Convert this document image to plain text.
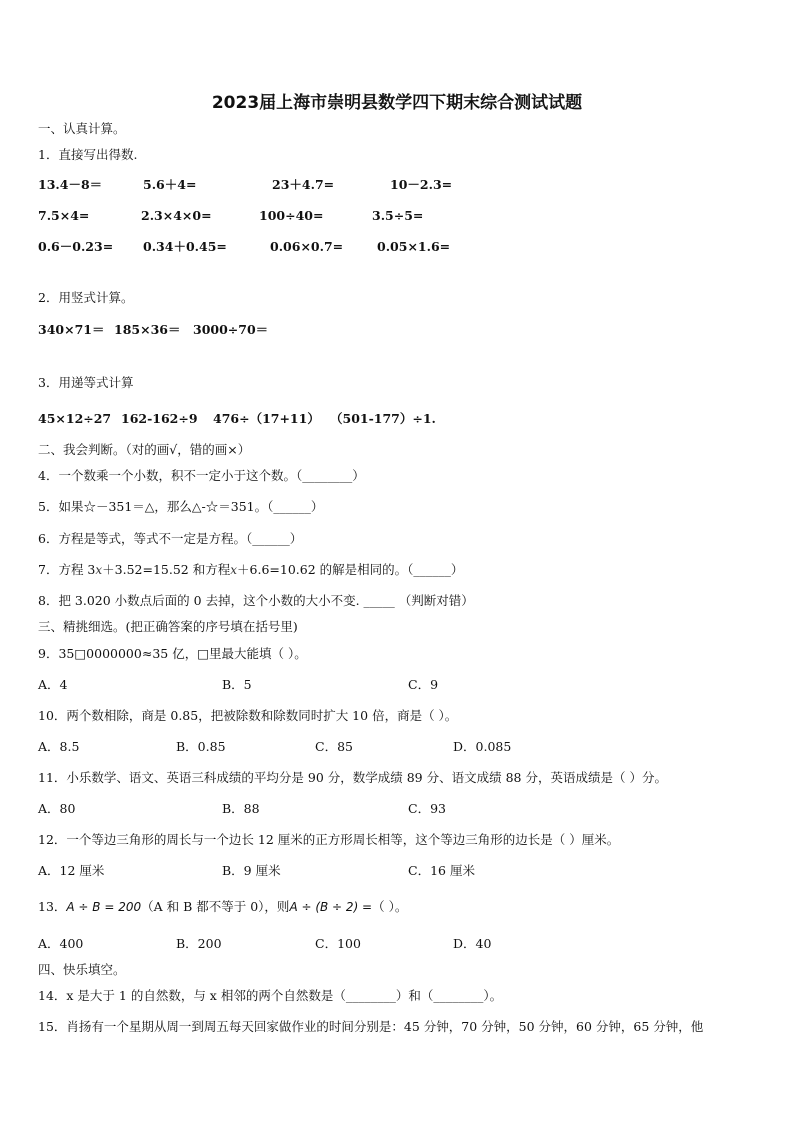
2023届上海市崇明县数学四下期末综合测试试题
一、认真计算。
1．直接写出得数.
13.4－8＝	5.6＋4=	23＋4.7=	10－2.3=
7.5×4=	2.3×4×0=	100÷40=	3.5÷5=
0.6－0.23= 0.34＋0.45=	0.06×0.7=	0.05×1.6=
2．用竖式计算。
340×71＝ 185×36＝ 3000÷70＝
3．用递等式计算
45×12÷27 162-162÷9 476÷（17+11） （501-177）÷1.
二、我会判断。（对的画√，错的画×）
4．一个数乘一个小数，积不一定小于这个数。（________）
5．如果☆－351＝△，那么△-☆＝351。（______）
6．方程是等式，等式不一定是方程。（______）
7．方程 3x＋3.52=15.52 和方程x＋6.6=10.62 的解是相同的。（______）
8．把 3.020 小数点后面的 0 去掉，这个小数的大小不变. _____ （判断对错）
三、精挑细选。(把正确答案的序号填在括号里)
9．35□0000000≈35 亿，□里最大能填（ ）。
A．4	B．5	C．9
10．两个数相除，商是 0.85，把被除数和除数同时扩大 10 倍，商是（ ）。
A．8.5	B．0.85	C．85	D．0.085
11．小乐数学、语文、英语三科成绩的平均分是 90 分，数学成绩 89 分、语文成绩 88 分，英语成绩是（ ）分。
A．80	B．88	C．93
12．一个等边三角形的周长与一个边长 12 厘米的正方形周长相等，这个等边三角形的边长是（ ）厘米。
A．12 厘米	B．9 厘米	C．16 厘米
13．A ÷ B = 200（A 和 B 都不等于 0），则A ÷ (B ÷ 2) =（ ）。
A．400	B．200	C．100	D．40
四、快乐填空。
14．x 是大于 1 的自然数，与 x 相邻的两个自然数是（________）和（________）。
15．肖扬有一个星期从周一到周五每天回家做作业的时间分别是：45 分钟，70 分钟，50 分钟，60 分钟，65 分钟，他
